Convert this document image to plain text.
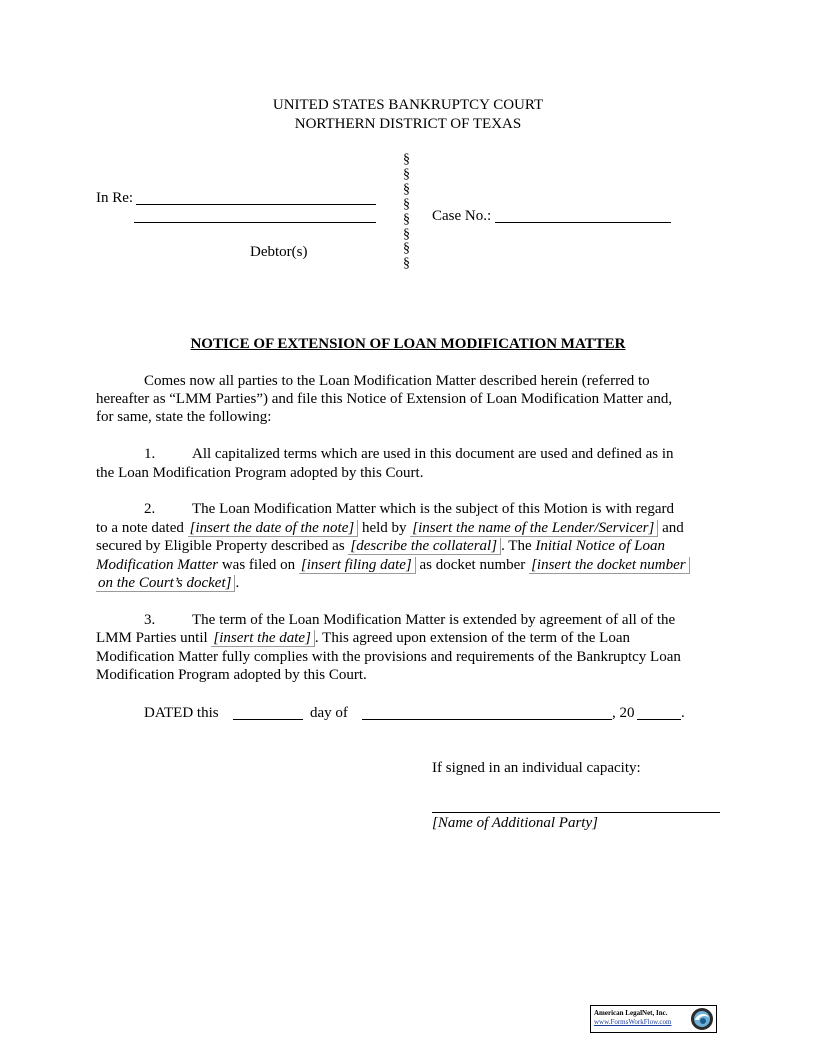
UNITED STATES BANKRUPTCY COURT
NORTHERN DISTRICT OF TEXAS
In Re:
Debtor(s)
§
§
§
§
§
§
§
§
Case No.:
NOTICE OF EXTENSION OF LOAN MODIFICATION MATTER
Comes now all parties to the Loan Modification Matter described herein (referred to
hereafter as “LMM Parties”) and file this Notice of Extension of Loan Modification Matter and,
for same, state the following:
1. All capitalized terms which are used in this document are used and defined as in
the Loan Modification Program adopted by this Court.
2. The Loan Modification Matter which is the subject of this Motion is with regard
to a note dated [insert the date of the note] held by [insert the name of the Lender/Servicer] and
secured by Eligible Property described as [describe the collateral] . The Initial Notice of Loan
Modification Matter was filed on [insert filing date] as docket number [insert the docket number
on the Court’s docket] .
3. The term of the Loan Modification Matter is extended by agreement of all of the
LMM Parties until [insert the date] . This agreed upon extension of the term of the Loan
Modification Matter fully complies with the provisions and requirements of the Bankruptcy Loan
Modification Program adopted by this Court.
DATED this	day of	, 20	.
If signed in an individual capacity:
[Name of Additional Party]
American LegalNet, Inc.
www.FormsWorkFlow.com
